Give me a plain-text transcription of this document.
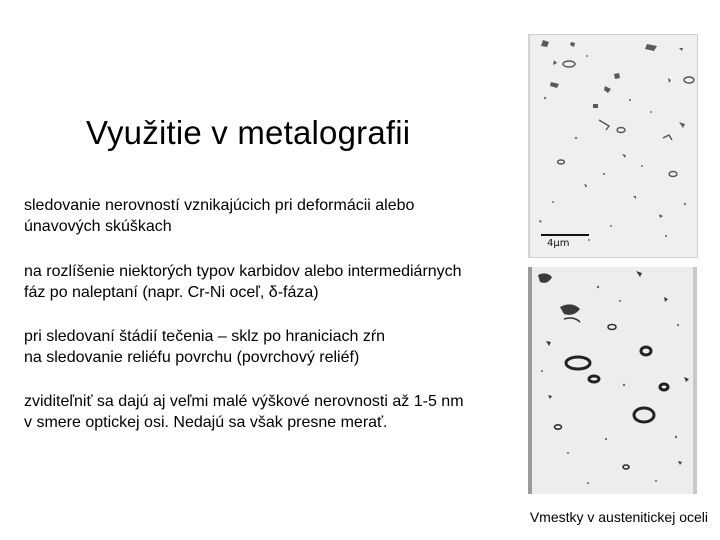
Využitie v metalografii

sledovanie nerovností vznikajúcich pri deformácii alebo
únavových skúškach

na rozlíšenie niektorých typov karbidov alebo intermediárnych
fáz po naleptaní (napr. Cr-Ni oceľ, δ-fáza)

pri sledovaní štádií tečenia – sklz po hraniciach zŕn
na sledovanie reliéfu povrchu (povrchový reliéf)

zviditeľniť sa dajú aj veľmi malé výškové nerovnosti až 1-5 nm
v smere optickej osi. Nedajú sa však presne merať.

4μm
Vmestky v austenitickej oceli
